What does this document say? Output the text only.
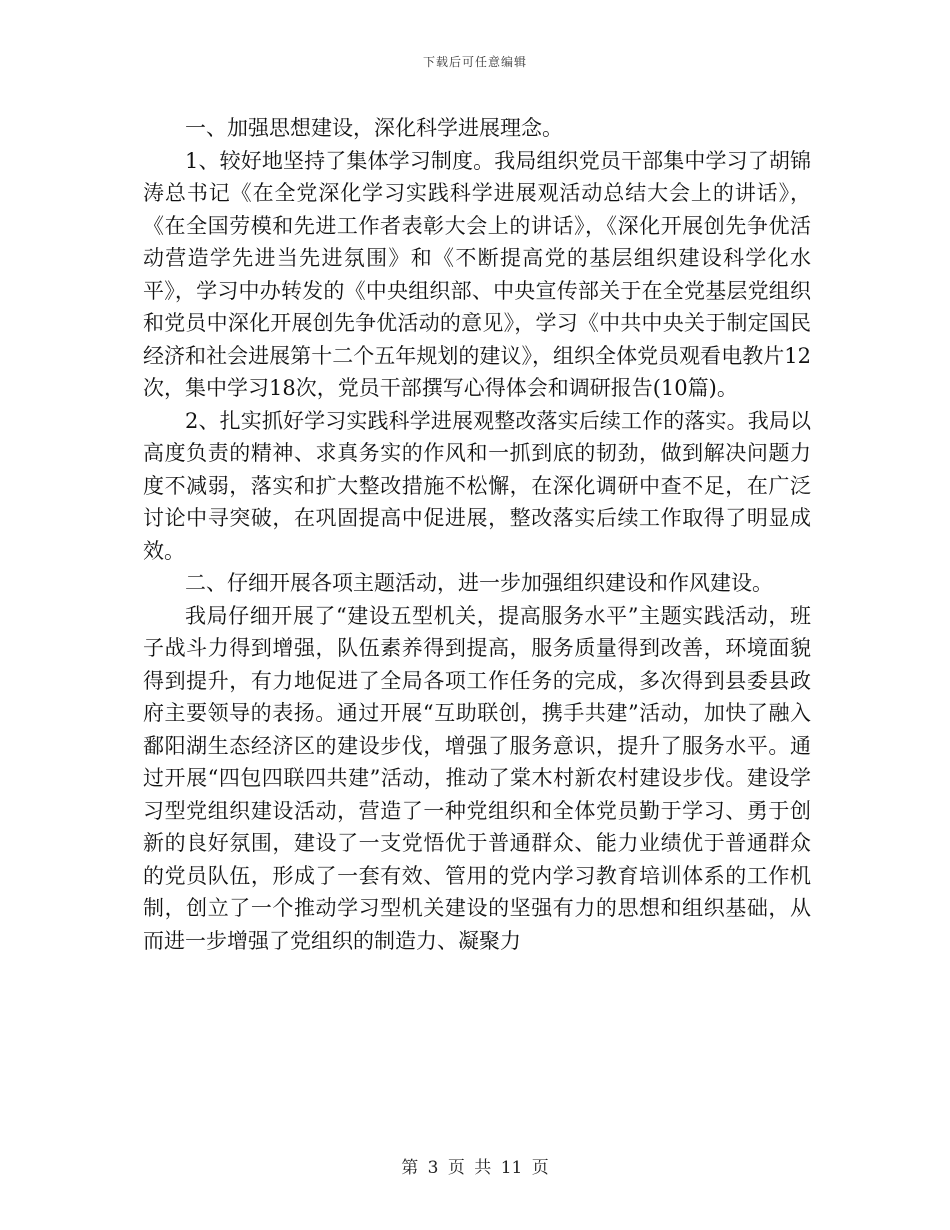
下载后可任意编辑

一、加强思想建设，深化科学进展理念。

1、较好地坚持了集体学习制度。我局组织党员干部集中学习了胡锦涛总书记《在全党深化学习实践科学进展观活动总结大会上的讲话》，《在全国劳模和先进工作者表彰大会上的讲话》，《深化开展创先争优活动营造学先进当先进氛围》和《不断提高党的基层组织建设科学化水平》，学习中办转发的《中央组织部、中央宣传部关于在全党基层党组织和党员中深化开展创先争优活动的意见》，学习《中共中央关于制定国民经济和社会进展第十二个五年规划的建议》，组织全体党员观看电教片12次，集中学习18次，党员干部撰写心得体会和调研报告(10篇)。

2、扎实抓好学习实践科学进展观整改落实后续工作的落实。我局以高度负责的精神、求真务实的作风和一抓到底的韧劲，做到解决问题力度不减弱，落实和扩大整改措施不松懈，在深化调研中查不足，在广泛讨论中寻突破，在巩固提高中促进展，整改落实后续工作取得了明显成效。

二、仔细开展各项主题活动，进一步加强组织建设和作风建设。

我局仔细开展了“建设五型机关，提高服务水平”主题实践活动，班子战斗力得到增强，队伍素养得到提高，服务质量得到改善，环境面貌得到提升，有力地促进了全局各项工作任务的完成，多次得到县委县政府主要领导的表扬。通过开展“互助联创，携手共建”活动，加快了融入鄱阳湖生态经济区的建设步伐，增强了服务意识，提升了服务水平。通过开展“四包四联四共建”活动，推动了棠木村新农村建设步伐。建设学习型党组织建设活动，营造了一种党组织和全体党员勤于学习、勇于创新的良好氛围，建设了一支党悟优于普通群众、能力业绩优于普通群众的党员队伍，形成了一套有效、管用的党内学习教育培训体系的工作机制，创立了一个推动学习型机关建设的坚强有力的思想和组织基础，从而进一步增强了党组织的制造力、凝聚力

第 3 页 共 11 页
